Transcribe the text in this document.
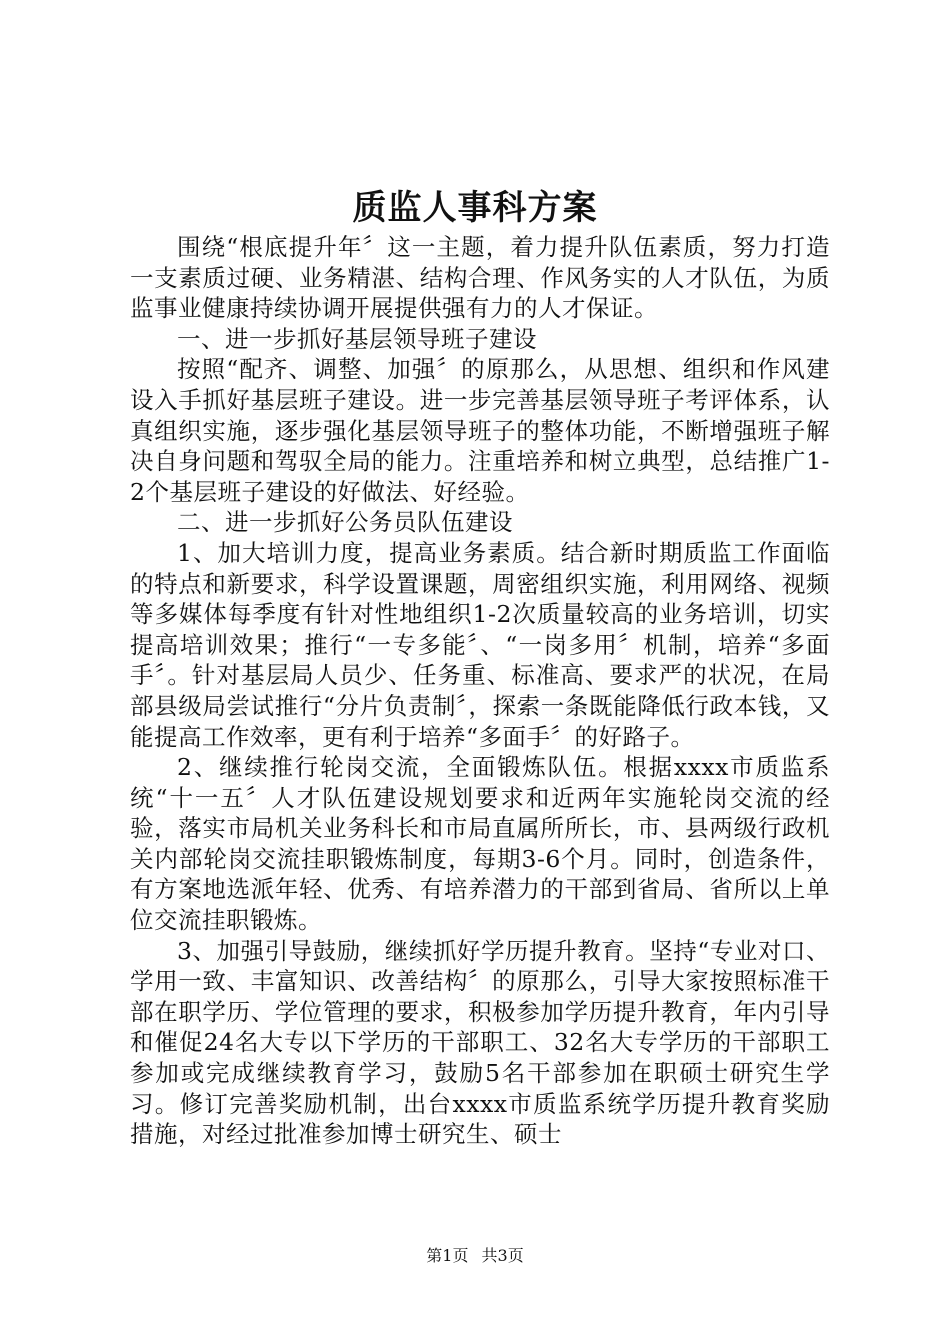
质监人事科方案

围绕“根底提升年〞这一主题，着力提升队伍素质，努力打造一支素质过硬、业务精湛、结构合理、作风务实的人才队伍，为质监事业健康持续协调开展提供强有力的人才保证。

一、进一步抓好基层领导班子建设

按照“配齐、调整、加强〞的原那么，从思想、组织和作风建设入手抓好基层班子建设。进一步完善基层领导班子考评体系，认真组织实施，逐步强化基层领导班子的整体功能，不断增强班子解决自身问题和驾驭全局的能力。注重培养和树立典型，总结推广1-2个基层班子建设的好做法、好经验。

二、进一步抓好公务员队伍建设

1、加大培训力度，提高业务素质。结合新时期质监工作面临的特点和新要求，科学设置课题，周密组织实施，利用网络、视频等多媒体每季度有针对性地组织1-2次质量较高的业务培训，切实提高培训效果；推行“一专多能〞、“一岗多用〞机制，培养“多面手〞。针对基层局人员少、任务重、标准高、要求严的状况，在局部县级局尝试推行“分片负责制〞，探索一条既能降低行政本钱，又能提高工作效率，更有利于培养“多面手〞的好路子。

2、继续推行轮岗交流，全面锻炼队伍。根据xxxx市质监系统“十一五〞人才队伍建设规划要求和近两年实施轮岗交流的经验，落实市局机关业务科长和市局直属所所长，市、县两级行政机关内部轮岗交流挂职锻炼制度，每期3-6个月。同时，创造条件，有方案地选派年轻、优秀、有培养潜力的干部到省局、省所以上单位交流挂职锻炼。

3、加强引导鼓励，继续抓好学历提升教育。坚持“专业对口、学用一致、丰富知识、改善结构〞的原那么，引导大家按照标准干部在职学历、学位管理的要求，积极参加学历提升教育，年内引导和催促24名大专以下学历的干部职工、32名大专学历的干部职工参加或完成继续教育学习，鼓励5名干部参加在职硕士研究生学习。修订完善奖励机制，出台xxxx市质监系统学历提升教育奖励措施，对经过批准参加博士研究生、硕士

第1页 共3页
